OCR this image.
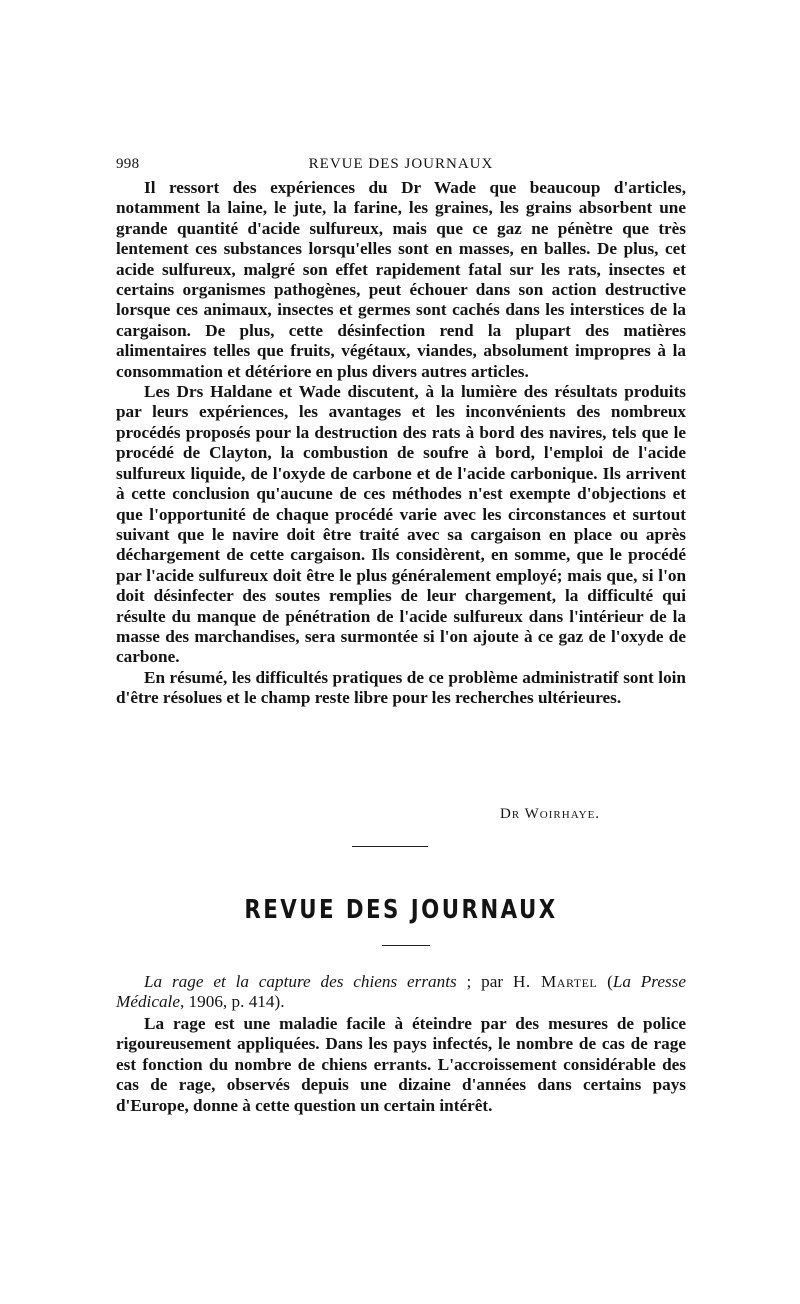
998	REVUE DES JOURNAUX

Il ressort des expériences du Dr Wade que beaucoup d'articles, notamment la laine, le jute, la farine, les graines, les grains absorbent une grande quantité d'acide sulfureux, mais que ce gaz ne pénètre que très lentement ces substances lorsqu'elles sont en masses, en balles. De plus, cet acide sulfureux, malgré son effet rapidement fatal sur les rats, insectes et certains organismes pathogènes, peut échouer dans son action destructive lorsque ces animaux, insectes et germes sont cachés dans les interstices de la cargaison. De plus, cette désinfection rend la plupart des matières alimentaires telles que fruits, végétaux, viandes, absolument impropres à la consommation et détériore en plus divers autres articles.

Les Drs Haldane et Wade discutent, à la lumière des résultats produits par leurs expériences, les avantages et les inconvénients des nombreux procédés proposés pour la destruction des rats à bord des navires, tels que le procédé de Clayton, la combustion de soufre à bord, l'emploi de l'acide sulfureux liquide, de l'oxyde de carbone et de l'acide carbonique. Ils arrivent à cette conclusion qu'aucune de ces méthodes n'est exempte d'objections et que l'opportunité de chaque procédé varie avec les circonstances et surtout suivant que le navire doit être traité avec sa cargaison en place ou après déchargement de cette cargaison. Ils considèrent, en somme, que le procédé par l'acide sulfureux doit être le plus généralement employé; mais que, si l'on doit désinfecter des soutes remplies de leur chargement, la difficulté qui résulte du manque de pénétration de l'acide sulfureux dans l'intérieur de la masse des marchandises, sera surmontée si l'on ajoute à ce gaz de l'oxyde de carbone.

En résumé, les difficultés pratiques de ce problème administratif sont loin d'être résolues et le champ reste libre pour les recherches ultérieures.

Dr Woirhaye.
REVUE DES JOURNAUX
La rage et la capture des chiens errants ; par H. Martel (La Presse Médicale, 1906, p. 414).

La rage est une maladie facile à éteindre par des mesures de police rigoureusement appliquées. Dans les pays infectés, le nombre de cas de rage est fonction du nombre de chiens errants. L'accroissement considérable des cas de rage, observés depuis une dizaine d'années dans certains pays d'Europe, donne à cette question un certain intérêt.
